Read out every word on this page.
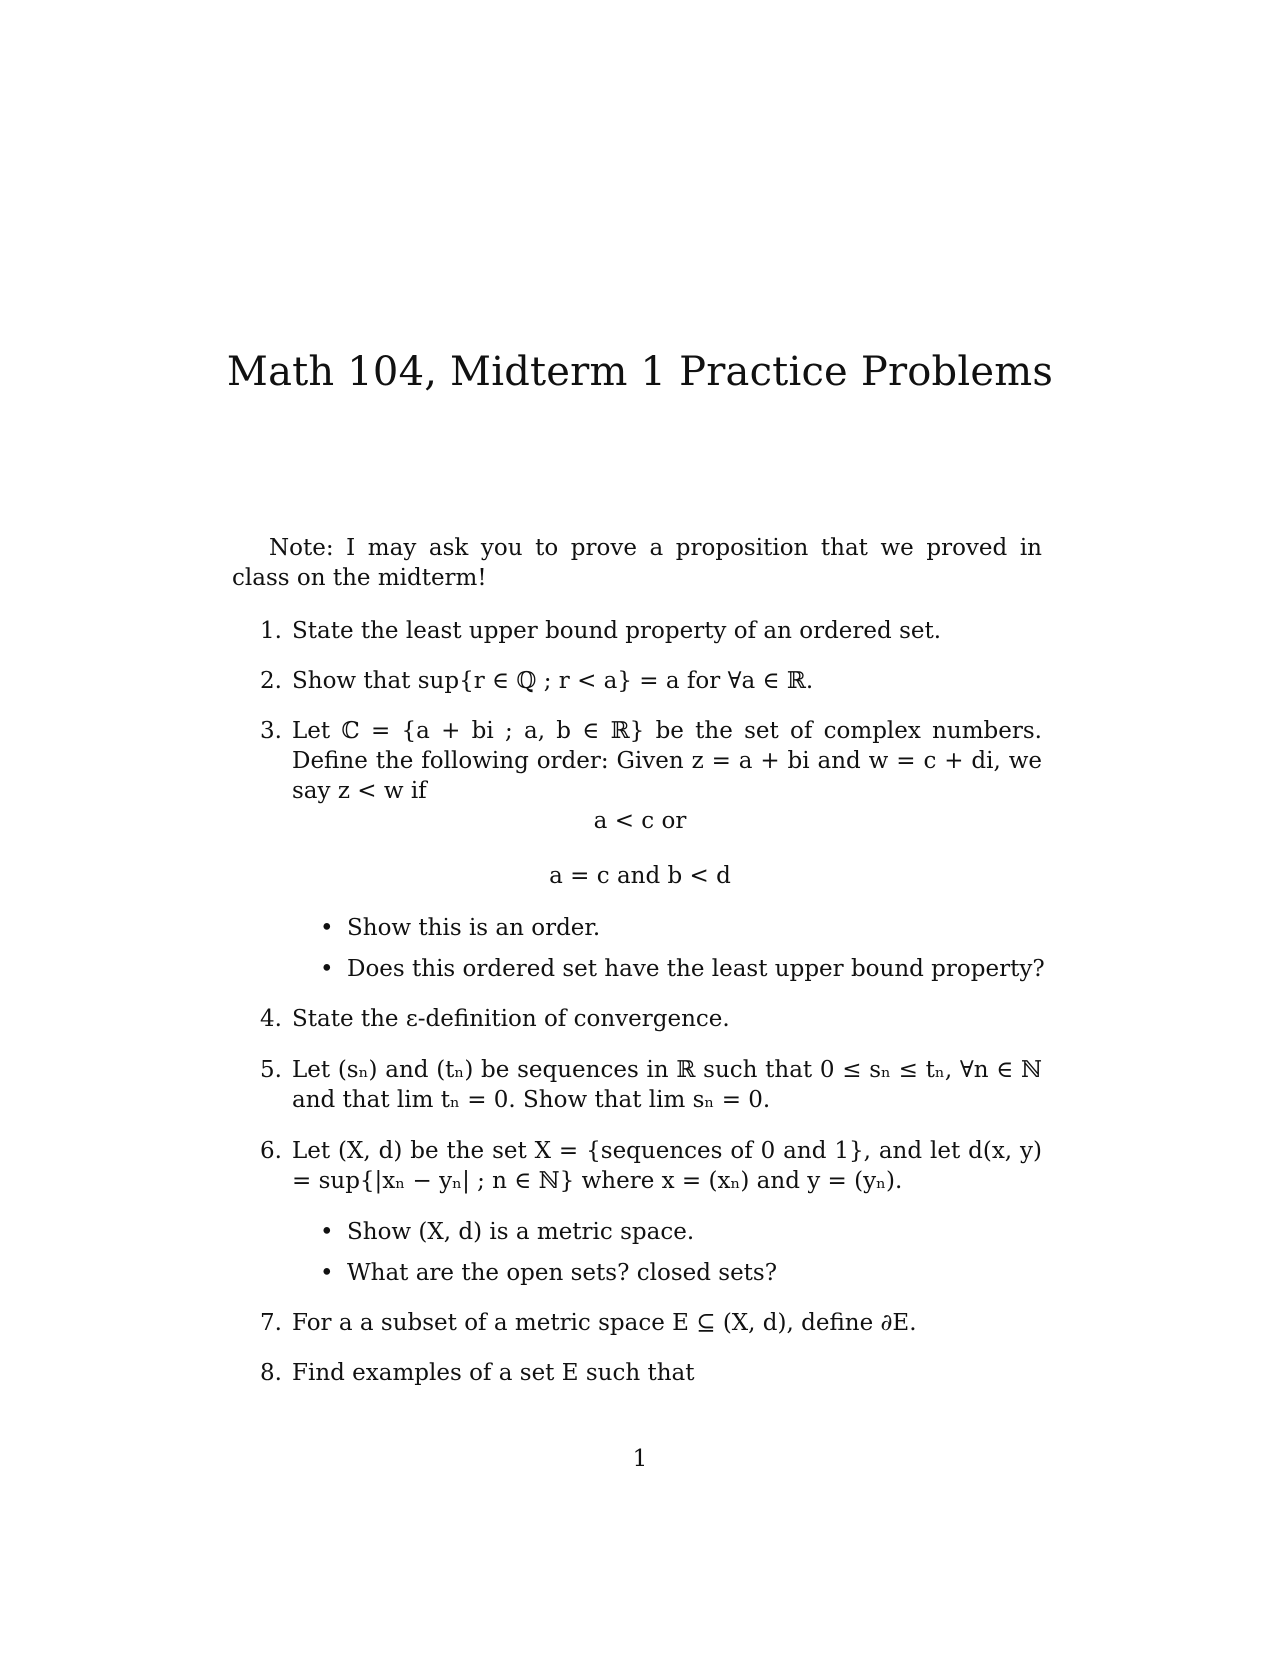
Math 104, Midterm 1 Practice Problems
Note: I may ask you to prove a proposition that we proved in class on the midterm!
1. State the least upper bound property of an ordered set.
2. Show that sup{r ∈ ℚ ; r < a} = a for ∀a ∈ ℝ.
3. Let ℂ = {a + bi ; a, b ∈ ℝ} be the set of complex numbers. Define the following order: Given z = a + bi and w = c + di, we say z < w if
a < c or
a = c and b < d
• Show this is an order.
• Does this ordered set have the least upper bound property?
4. State the ε-definition of convergence.
5. Let (sₙ) and (tₙ) be sequences in ℝ such that 0 ≤ sₙ ≤ tₙ, ∀n ∈ ℕ and that lim tₙ = 0. Show that lim sₙ = 0.
6. Let (X, d) be the set X = {sequences of 0 and 1}, and let d(x, y) = sup{|xₙ − yₙ| ; n ∈ ℕ} where x = (xₙ) and y = (yₙ).
• Show (X, d) is a metric space.
• What are the open sets? closed sets?
7. For a a subset of a metric space E ⊆ (X, d), define ∂E.
8. Find examples of a set E such that
1
